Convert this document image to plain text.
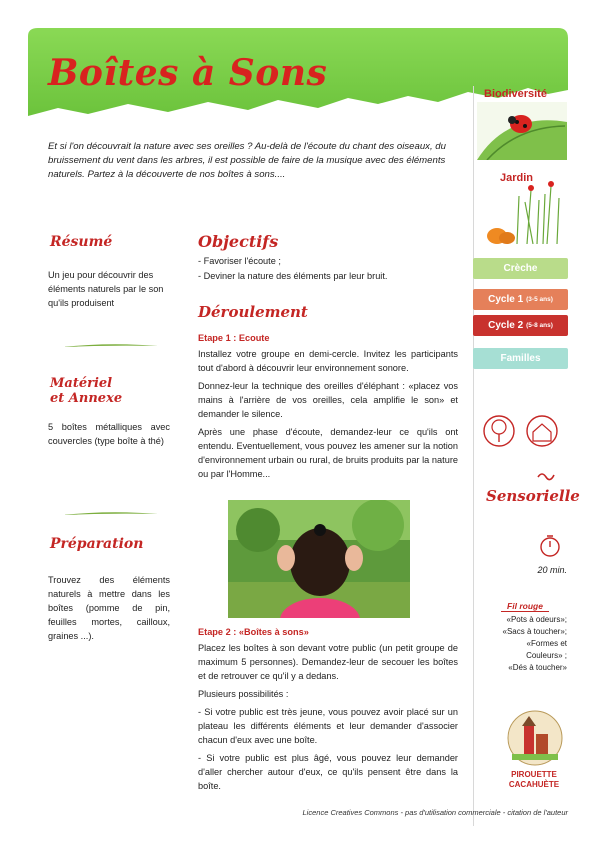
Boîtes à Sons
Et si l'on découvrait la nature avec ses oreilles ? Au-delà de l'écoute du chant des oiseaux, du bruissement du vent dans les arbres, il est possible de faire de la musique avec des éléments naturels. Partez à la découverte de nos boîtes à sons....
Résumé
Un jeu pour découvrir des éléments naturels par le son qu'ils produisent
Matériel
et Annexe
5 boîtes métalliques avec couvercles (type boîte à thé)
Préparation
Trouvez des éléments naturels à mettre dans les boîtes (pomme de pin, feuilles mortes, cailloux, graines ...).
Objectifs
- Favoriser l'écoute ;
- Deviner la nature des éléments par leur bruit.
Déroulement
Etape 1 : Ecoute

Installez votre groupe en demi-cercle. Invitez les participants tout d'abord à découvrir leur environnement sonore.

Donnez-leur la technique des oreilles d'éléphant : «placez vos mains à l'arrière de vos oreilles, cela amplifie le son» et demander le silence.

Après une phase d'écoute, demandez-leur ce qu'ils ont entendu. Eventuellement, vous pouvez les amener sur la notion d'environnement urbain ou rural, de bruits produits par la nature ou par l'Homme...

Etape 2 : «Boîtes à sons»

Placez les boîtes à son devant votre public (un petit groupe de maximum 5 personnes). Demandez-leur de secouer les boîtes et de retrouver ce qu'il y a dedans.

Plusieurs possibilités :

- Si votre public est très jeune, vous pouvez avoir placé sur un plateau les différents éléments et leur demander d'associer chacun d'eux avec une boîte.

- Si votre public est plus âgé, vous pouvez leur demander d'aller chercher autour d'eux, ce qu'ils pensent être dans la boîte.

Biodiversité
Jardin
Crèche
Cycle 1 (3-5 ans)
Cycle 2 (5-8 ans)
Familles
Sensorielle
20 min.
Fil rouge
«Pots à odeurs»;
«Sacs à toucher»;
«Formes et
Couleurs» ;
«Dés à toucher»
PIROUETTE
CACAHUÈTE
Licence Creatives Commons - pas d'utilisation commerciale - citation de l'auteur
